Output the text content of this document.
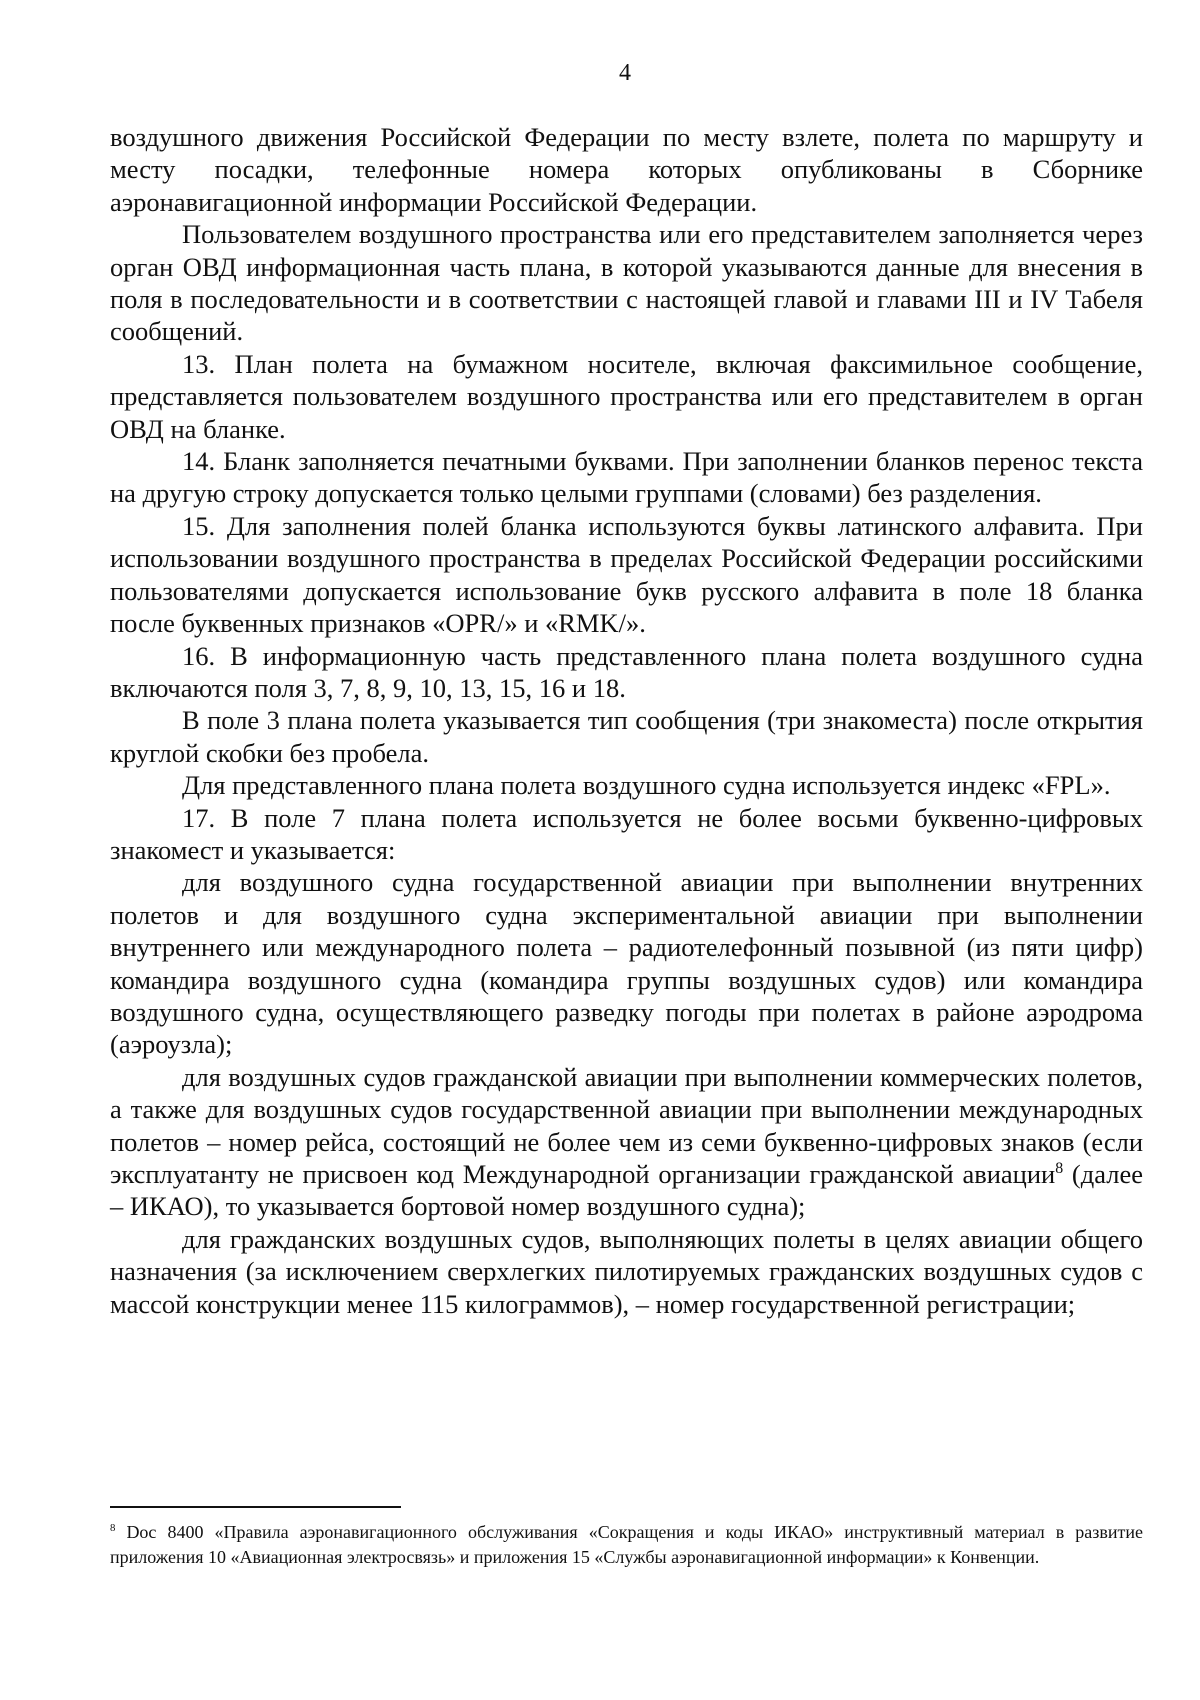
4

воздушного движения Российской Федерации по месту взлете, полета по маршруту и месту посадки, телефонные номера которых опубликованы в Сборнике аэронавигационной информации Российской Федерации.

Пользователем воздушного пространства или его представителем заполняется через орган ОВД информационная часть плана, в которой указываются данные для внесения в поля в последовательности и в соответствии с настоящей главой и главами III и IV Табеля сообщений.

13. План полета на бумажном носителе, включая факсимильное сообщение, представляется пользователем воздушного пространства или его представителем в орган ОВД на бланке.

14. Бланк заполняется печатными буквами. При заполнении бланков перенос текста на другую строку допускается только целыми группами (словами) без разделения.

15. Для заполнения полей бланка используются буквы латинского алфавита. При использовании воздушного пространства в пределах Российской Федерации российскими пользователями допускается использование букв русского алфавита в поле 18 бланка после буквенных признаков «OPR/» и «RMK/».

16. В информационную часть представленного плана полета воздушного судна включаются поля 3, 7, 8, 9, 10, 13, 15, 16 и 18.

В поле 3 плана полета указывается тип сообщения (три знакоместа) после открытия круглой скобки без пробела.

Для представленного плана полета воздушного судна используется индекс «FPL».

17. В поле 7 плана полета используется не более восьми буквенно-цифровых знакомест и указывается:

для воздушного судна государственной авиации при выполнении внутренних полетов и для воздушного судна экспериментальной авиации при выполнении внутреннего или международного полета – радиотелефонный позывной (из пяти цифр) командира воздушного судна (командира группы воздушных судов) или командира воздушного судна, осуществляющего разведку погоды при полетах в районе аэродрома (аэроузла);

для воздушных судов гражданской авиации при выполнении коммерческих полетов, а также для воздушных судов государственной авиации при выполнении международных полетов – номер рейса, состоящий не более чем из семи буквенно-цифровых знаков (если эксплуатанту не присвоен код Международной организации гражданской авиации$^8$ (далее – ИКАО), то указывается бортовой номер воздушного судна);

для гражданских воздушных судов, выполняющих полеты в целях авиации общего назначения (за исключением сверхлегких пилотируемых гражданских воздушных судов с массой конструкции менее 115 килограммов), – номер государственной регистрации;

$^8$ Doc 8400 «Правила аэронавигационного обслуживания «Сокращения и коды ИКАО» инструктивный материал в развитие приложения 10 «Авиационная электросвязь» и приложения 15 «Службы аэронавигационной информации» к Конвенции.
